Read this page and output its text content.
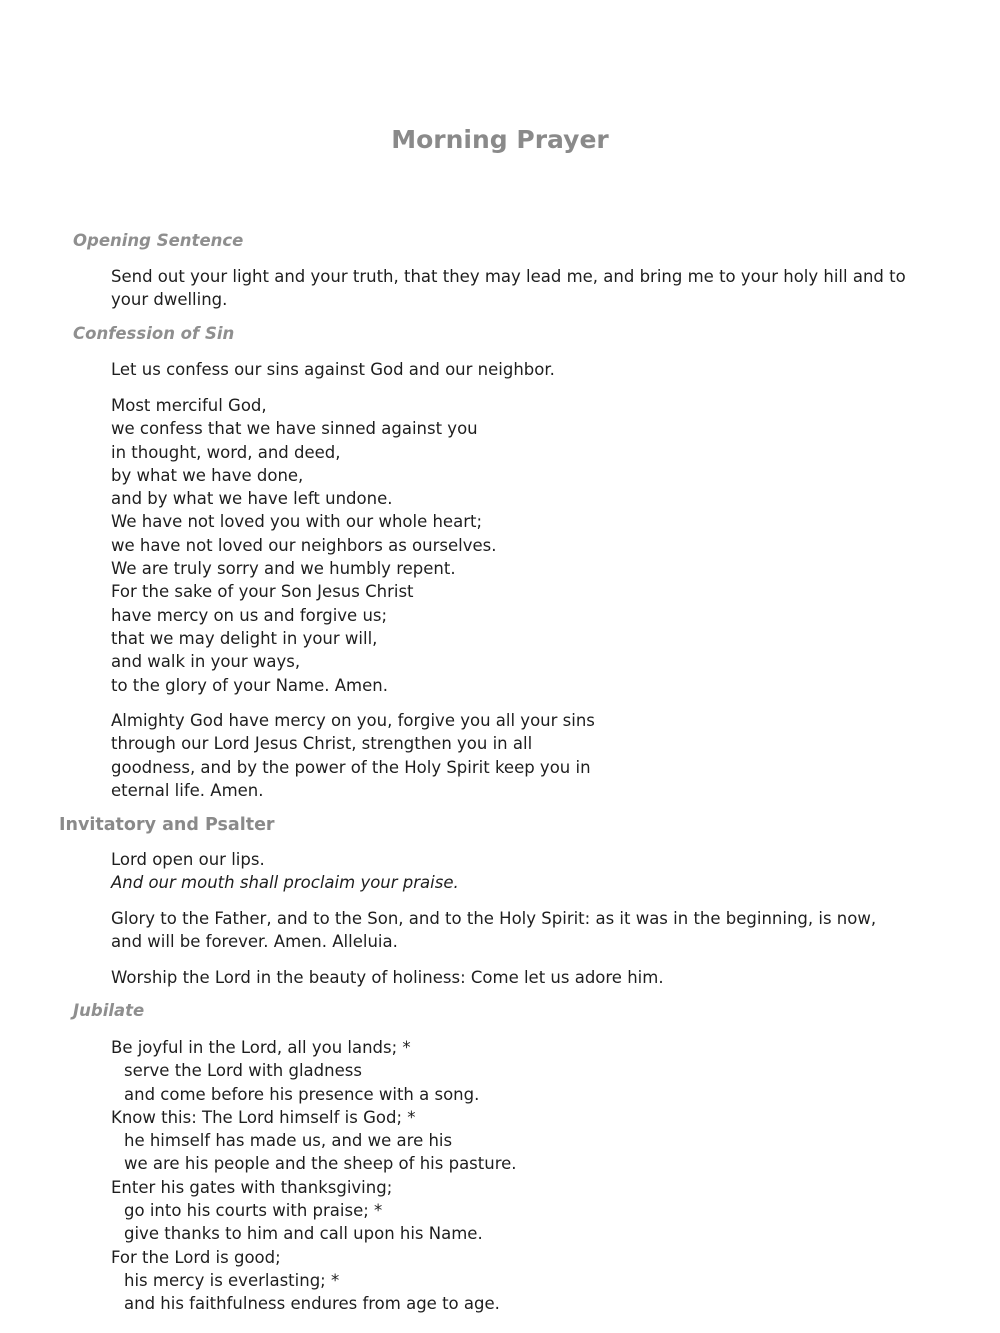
Morning Prayer
Opening Sentence
Send out your light and your truth, that they may lead me, and bring me to your holy hill and to
your dwelling.
Confession of Sin
Let us confess our sins against God and our neighbor.
Most merciful God,
we confess that we have sinned against you
in thought, word, and deed,
by what we have done,
and by what we have left undone.
We have not loved you with our whole heart;
we have not loved our neighbors as ourselves.
We are truly sorry and we humbly repent.
For the sake of your Son Jesus Christ
have mercy on us and forgive us;
that we may delight in your will,
and walk in your ways,
to the glory of your Name. Amen.
Almighty God have mercy on you, forgive you all your sins
through our Lord Jesus Christ, strengthen you in all
goodness, and by the power of the Holy Spirit keep you in
eternal life. Amen.
Invitatory and Psalter
Lord open our lips.
And our mouth shall proclaim your praise.
Glory to the Father, and to the Son, and to the Holy Spirit: as it was in the beginning, is now,
and will be forever. Amen. Alleluia.
Worship the Lord in the beauty of holiness: Come let us adore him.
Jubilate
Be joyful in the Lord, all you lands; *
serve the Lord with gladness
and come before his presence with a song.
Know this: The Lord himself is God; *
he himself has made us, and we are his
we are his people and the sheep of his pasture.
Enter his gates with thanksgiving;
go into his courts with praise; *
give thanks to him and call upon his Name.
For the Lord is good;
his mercy is everlasting; *
and his faithfulness endures from age to age.
